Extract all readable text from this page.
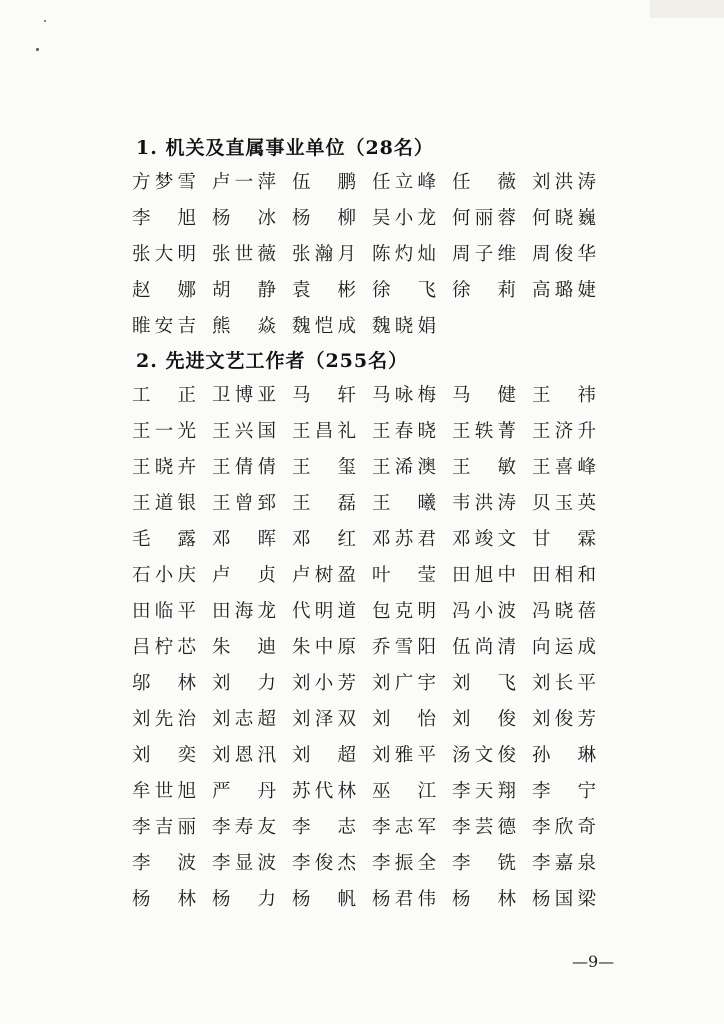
1. 机关及直属事业单位（28名）
方 梦 雪 卢 一 萍 伍 鹏 任 立 峰 任 薇 刘 洪 涛
李 旭 杨 冰 杨 柳 吴 小 龙 何 丽 蓉 何 晓 巍
张 大 明 张 世 薇 张 瀚 月 陈 灼 灿 周 子 维 周 俊 华
赵 娜 胡 静 袁 彬 徐 飞 徐 莉 高 璐 婕
睢 安 吉 熊 焱 魏 恺 成 魏 晓 娟
2. 先进文艺工作者（255名）
工 正 卫 博 亚 马 轩 马 咏 梅 马 健 王 祎
王 一 光 王 兴 国 王 昌 礼 王 春 晓 王 轶 菁 王 济 升
王 晓 卉 王 倩 倩 王 玺 王 浠 澳 王 敏 王 喜 峰
王 道 银 王 曾 郅 王 磊 王 曦 韦 洪 涛 贝 玉 英
毛 露 邓 晖 邓 红 邓 苏 君 邓 竣 文 甘 霖
石 小 庆 卢 贞 卢 树 盈 叶 莹 田 旭 中 田 相 和
田 临 平 田 海 龙 代 明 道 包 克 明 冯 小 波 冯 晓 蓓
吕 柠 芯 朱 迪 朱 中 原 乔 雪 阳 伍 尚 清 向 运 成
邬 林 刘 力 刘 小 芳 刘 广 宇 刘 飞 刘 长 平
刘 先 治 刘 志 超 刘 泽 双 刘 怡 刘 俊 刘 俊 芳
刘 奕 刘 恩 汛 刘 超 刘 雅 平 汤 文 俊 孙 琳
牟 世 旭 严 丹 苏 代 林 巫 江 李 天 翔 李 宁
李 吉 丽 李 寿 友 李 志 李 志 军 李 芸 德 李 欣 奇
李 波 李 显 波 李 俊 杰 李 振 全 李 铣 李 嘉 泉
杨 林 杨 力 杨 帆 杨 君 伟 杨 林 杨 国 梁
—9—
